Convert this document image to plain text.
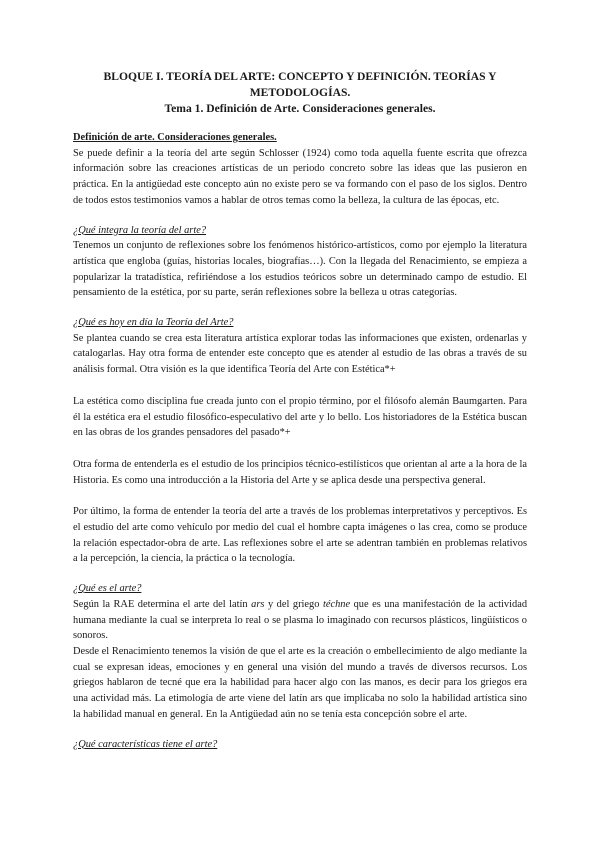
BLOQUE I. TEORÍA DEL ARTE: CONCEPTO Y DEFINICIÓN. TEORÍAS Y

METODOLOGÍAS.

Tema 1. Definición de Arte. Consideraciones generales.

Definición de arte. Consideraciones generales.

Se puede definir a la teoría del arte según Schlosser (1924) como toda aquella fuente escrita que ofrezca información sobre las creaciones artísticas de un periodo concreto sobre las ideas que las pusieron en práctica. En la antigüedad este concepto aún no existe pero se va formando con el paso de los siglos. Dentro de todos estos testimonios vamos a hablar de otros temas como la belleza, la cultura de las épocas, etc.

¿Qué integra la teoría del arte?

Tenemos un conjunto de reflexiones sobre los fenómenos histórico-artísticos, como por ejemplo la literatura artística que engloba (guías, historias locales, biografías…). Con la llegada del Renacimiento, se empieza a popularizar la tratadística, refiriéndose a los estudios teóricos sobre un determinado campo de estudio. El pensamiento de la estética, por su parte, serán reflexiones sobre la belleza u otras categorías.

¿Qué es hoy en día la Teoría del Arte?

Se plantea cuando se crea esta literatura artística explorar todas las informaciones que existen, ordenarlas y catalogarlas. Hay otra forma de entender este concepto que es atender al estudio de las obras a través de su análisis formal. Otra visión es la que identifica Teoría del Arte con Estética*+

La estética como disciplina fue creada junto con el propio término, por el filósofo alemán Baumgarten. Para él la estética era el estudio filosófico-especulativo del arte y lo bello. Los historiadores de la Estética buscan en las obras de los grandes pensadores del pasado*+

Otra forma de entenderla es el estudio de los principios técnico-estilísticos que orientan al arte a la hora de la Historia. Es como una introducción a la Historia del Arte y se aplica desde una perspectiva general.

Por último, la forma de entender la teoría del arte a través de los problemas interpretativos y perceptivos. Es el estudio del arte como vehículo por medio del cual el hombre capta imágenes o las crea, como se produce la relación espectador-obra de arte. Las reflexiones sobre el arte se adentran también en problemas relativos a la percepción, la ciencia, la práctica o la tecnología.

¿Qué es el arte?

Según la RAE determina el arte del latín ars y del griego téchne que es una manifestación de la actividad humana mediante la cual se interpreta lo real o se plasma lo imaginado con recursos plásticos, lingüísticos o sonoros.

Desde el Renacimiento tenemos la visión de que el arte es la creación o embellecimiento de algo mediante la cual se expresan ideas, emociones y en general una visión del mundo a través de diversos recursos. Los griegos hablaron de tecné que era la habilidad para hacer algo con las manos, es decir para los griegos era una actividad más. La etimología de arte viene del latín ars que implicaba no solo la habilidad artística sino la habilidad manual en general. En la Antigüedad aún no se tenía esta concepción sobre el arte.

¿Qué características tiene el arte?
